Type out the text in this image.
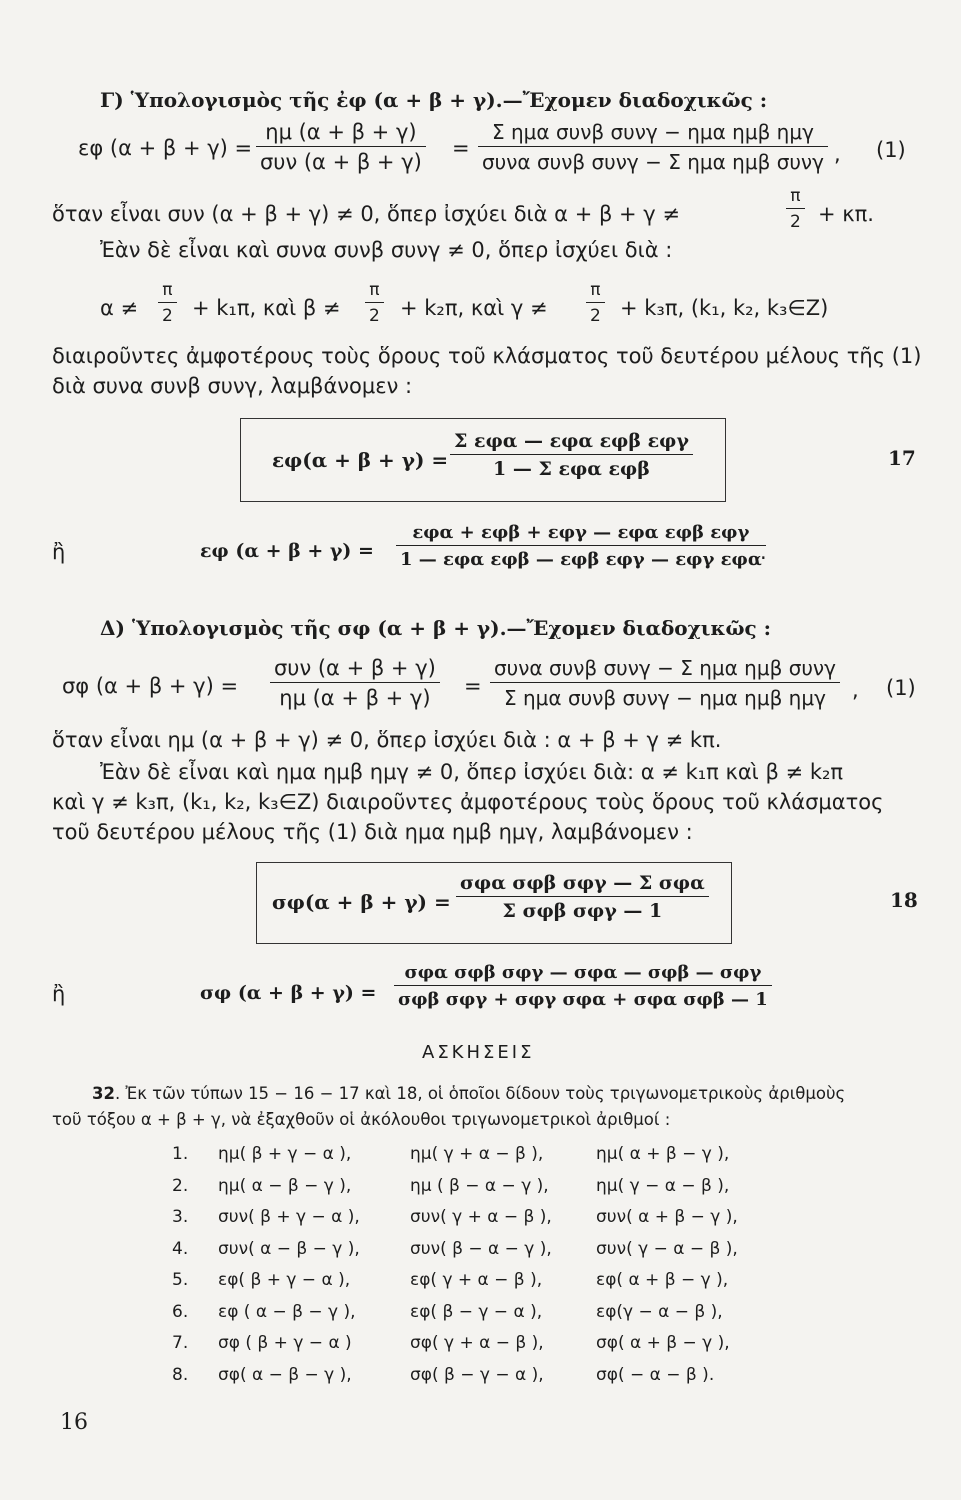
Γ) Ὑπολογισμὸς τῆς ἐφ (α + β + γ).—Ἔχομεν διαδοχικῶς :
εφ (α + β + γ) =
ημ (α + β + γ)
συν (α + β + γ)
=
Σ ημα συνβ συνγ − ημα ημβ ημγ
συνα συνβ συνγ − Σ ημα ημβ συνγ , (1)
ὅταν εἶναι συν (α + β + γ) ≠ 0, ὅπερ ἰσχύει διὰ α + β + γ ≠	$\frac{\pi}{2} + \kappa\pi$.
Ἐὰν δὲ εἶναι καὶ συνα συνβ συνγ ≠ 0, ὅπερ ἰσχύει διὰ :
$\alpha \ne \frac{\pi}{2} + k_1\pi$, καὶ $\beta \ne \frac{\pi}{2} + k_2\pi$, καὶ $\gamma \ne \frac{\pi}{2} + k_3\pi$, (k₁, k₂, k₃∈Z)
διαιροῦντες ἀμφοτέρους τοὺς ὅρους τοῦ κλάσματος τοῦ δευτέρου μέλους τῆς (1)
διὰ συνα συνβ συνγ, λαμβάνομεν :
εφ(α + β + γ) =
Σ εφα — εφα εφβ εφγ
1 — Σ εφα εφβ	17
ἢ	εφ (α + β + γ) =
εφα + εφβ + εφγ — εφα εφβ εφγ
1 — εφα εφβ — εφβ εφγ — εφγ εφα
.
Δ) Ὑπολογισμὸς τῆς σφ (α + β + γ).—Ἔχομεν διαδοχικῶς :
σφ (α + β + γ) =
συν (α + β + γ)
ημ (α + β + γ)	=
συνα συνβ συνγ − Σ ημα ημβ συνγ
Σ ημα συνβ συνγ − ημα ημβ ημγ	, (1)
ὅταν εἶναι ημ (α + β + γ) ≠ 0, ὅπερ ἰσχύει διὰ : α + β + γ ≠ kπ.
Ἐὰν δὲ εἶναι καὶ ημα ημβ ημγ ≠ 0, ὅπερ ἰσχύει διὰ: α ≠ k₁π καὶ β ≠ k₂π
καὶ γ ≠ k₃π, (k₁, k₂, k₃∈Z) διαιροῦντες ἀμφοτέρους τοὺς ὅρους τοῦ κλάσματος
τοῦ δευτέρου μέλους τῆς (1) διὰ ημα ημβ ημγ, λαμβάνομεν :
σφ(α + β + γ) =
σφα σφβ σφγ — Σ σφα
Σ σφβ σφγ — 1	18
ἢ	σφ (α + β + γ) =
σφα σφβ σφγ — σφα — σφβ — σφγ
σφβ σφγ + σφγ σφα + σφα σφβ — 1
ΑΣΚΗΣΕΙΣ
32. Ἐκ τῶν τύπων 15 − 16 − 17 καὶ 18, οἱ ὁποῖοι δίδουν τοὺς τριγωνομετρικοὺς ἀριθμοὺς
τοῦ τόξου α + β + γ, νὰ ἐξαχθοῦν οἱ ἀκόλουθοι τριγωνομετρικοὶ ἀριθμοί :
1. ημ( β + γ − α ),	ημ( γ + α − β ),	ημ( α + β − γ ),
2. ημ( α − β − γ ),	ημ ( β − α − γ ),	ημ( γ − α − β ),
3. συν( β + γ − α ),	συν( γ + α − β ),	συν( α + β − γ ),
4. συν( α − β − γ ),	συν( β − α − γ ),	συν( γ − α − β ),
5. εφ( β + γ − α ),	εφ( γ + α − β ),	εφ( α + β − γ ),
6. εφ ( α − β − γ ),	εφ( β − γ − α ),	εφ(γ − α − β ),
7. σφ ( β + γ − α )	σφ( γ + α − β ),	σφ( α + β − γ ),
8. σφ( α − β − γ ),	σφ( β − γ − α ),	σφ( − α − β ).
16
